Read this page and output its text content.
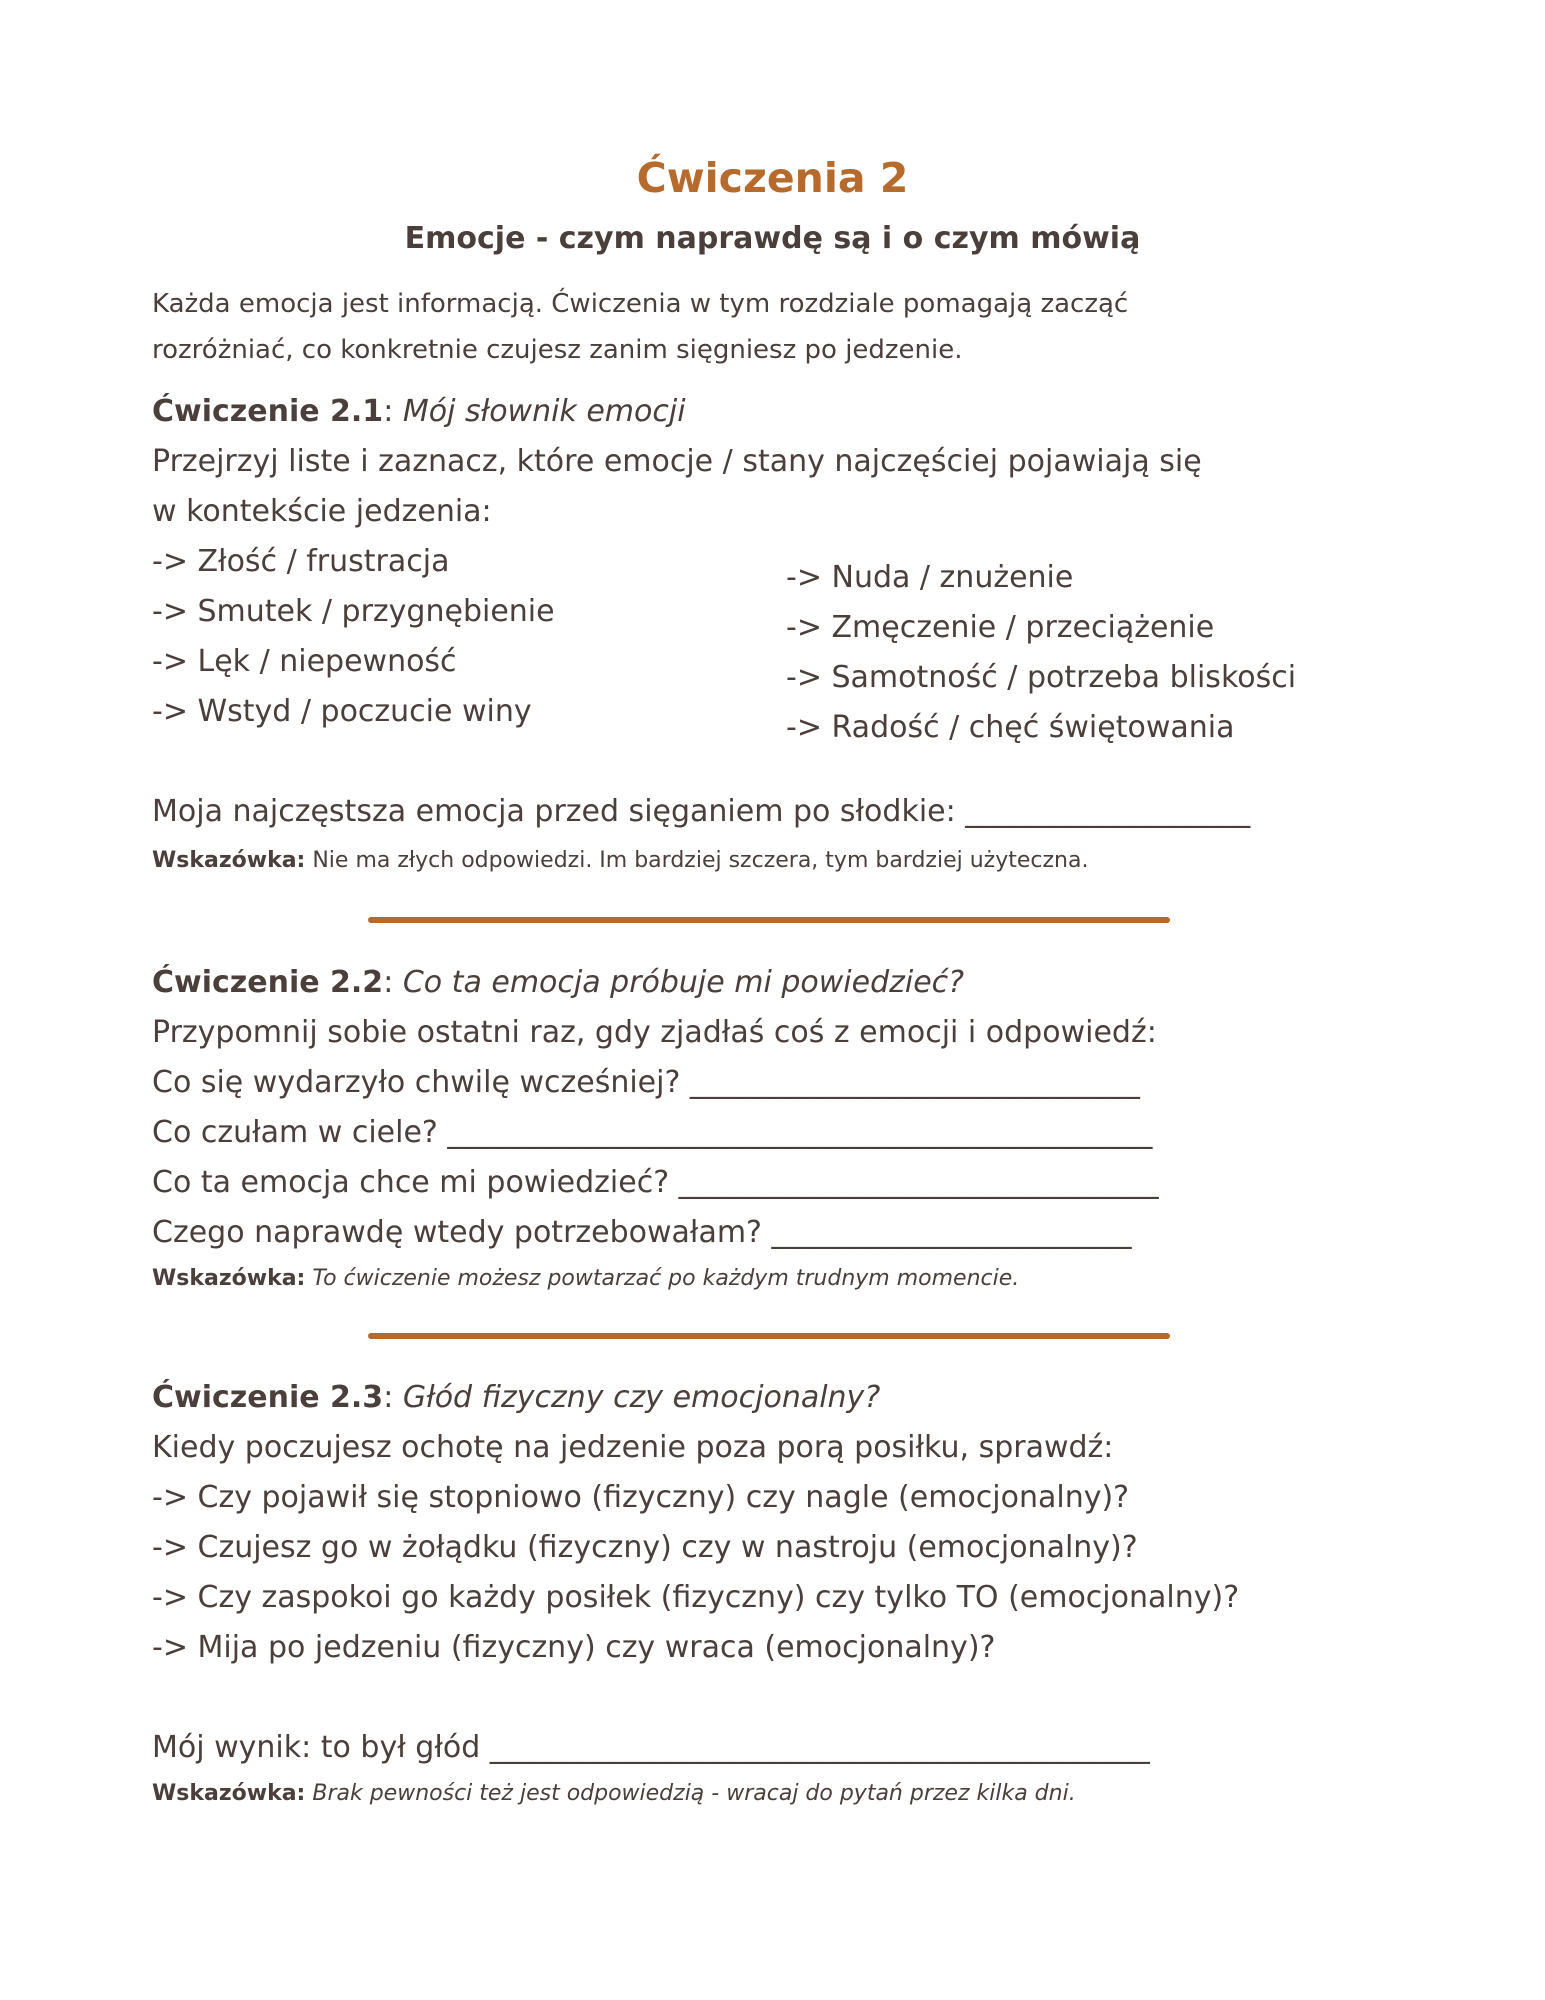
Ćwiczenia 2
Emocje - czym naprawdę są i o czym mówią
Każda emocja jest informacją. Ćwiczenia w tym rozdziale pomagają zacząć
rozróżniać, co konkretnie czujesz zanim sięgniesz po jedzenie.
Ćwiczenie 2.1: Mój słownik emocji
Przejrzyj liste i zaznacz, które emocje / stany najczęściej pojawiają się
w kontekście jedzenia:
-> Złość / frustracja
-> Smutek / przygnębienie
-> Lęk / niepewność
-> Wstyd / poczucie winy
-> Nuda / znużenie
-> Zmęczenie / przeciążenie
-> Samotność / potrzeba bliskości
-> Radość / chęć świętowania
Moja najczęstsza emocja przed sięganiem po słodkie: ___________________
Wskazówka: Nie ma złych odpowiedzi. Im bardziej szczera, tym bardziej użyteczna.
Ćwiczenie 2.2: Co ta emocja próbuje mi powiedzieć?
Przypomnij sobie ostatni raz, gdy zjadłaś coś z emocji i odpowiedź:
Co się wydarzyło chwilę wcześniej? ______________________________
Co czułam w ciele? _______________________________________________
Co ta emocja chce mi powiedzieć? ________________________________
Czego naprawdę wtedy potrzebowałam? ________________________
Wskazówka: To ćwiczenie możesz powtarzać po każdym trudnym momencie.
Ćwiczenie 2.3: Głód fizyczny czy emocjonalny?
Kiedy poczujesz ochotę na jedzenie poza porą posiłku, sprawdź:
-> Czy pojawił się stopniowo (fizyczny) czy nagle (emocjonalny)?
-> Czujesz go w żołądku (fizyczny) czy w nastroju (emocjonalny)?
-> Czy zaspokoi go każdy posiłek (fizyczny) czy tylko TO (emocjonalny)?
-> Mija po jedzeniu (fizyczny) czy wraca (emocjonalny)?
Mój wynik: to był głód ____________________________________________
Wskazówka: Brak pewności też jest odpowiedzią - wracaj do pytań przez kilka dni.
